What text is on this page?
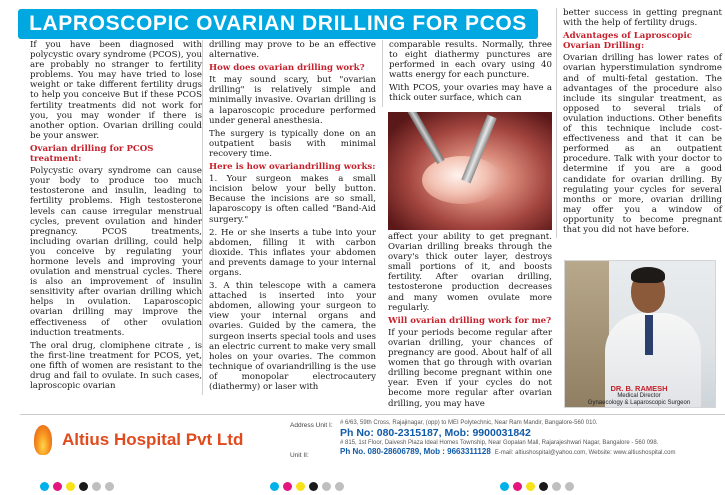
LAPROSCOPIC OVARIAN DRILLING FOR PCOS

If you have been diagnosed with polycystic ovary syndrome (PCOS), you are probably no stranger to fertility problems. You may have tried to lose weight or take different fertility drugs to help you conceive But if these PCOS fertility treatments did not work for you, you may wonder if there is another option. Ovarian drilling could be your answer.

Ovarian drilling for PCOS treatment:

Polycystic ovary syndrome can cause your body to produce too much testosterone and insulin, leading to fertility problems. High testosterone levels can cause irregular menstrual cycles, prevent ovulation and hinder pregnancy. PCOS treatments, including ovarian drilling, could help you conceive by regulating your hormone levels and improving your ovulation and menstrual cycles. There is also an improvement of insulin sensitivity after ovarian drilling which helps in ovulation. Laparoscopic ovarian drilling may improve the effectiveness of other ovulation induction treatments.

The oral drug, clomiphene citrate , is the first-line treatment for PCOS, yet, one fifth of women are resistant to the drug and fail to ovulate. In such cases, laproscopic ovarian

drilling may prove to be an effective alternative.

How does ovarian drilling work?

It may sound scary, but "ovarian drilling" is relatively simple and minimally invasive. Ovarian drilling is a laparoscopic procedure performed under general anesthesia.

The surgery is typically done on an outpatient basis with minimal recovery time.

Here is how ovariandrilling works:

1. Your surgeon makes a small incision below your belly button. Because the incisions are so small, laparoscopy is often called "Band-Aid surgery."

2. He or she inserts a tube into your abdomen, filling it with carbon dioxide. This inflates your abdomen and prevents damage to your internal organs.

3. A thin telescope with a camera attached is inserted into your abdomen, allowing your surgeon to view your internal organs and ovaries. Guided by the camera, the surgeon inserts special tools and uses an electric current to make very small holes on your ovaries. The common technique of ovariandrilling is the use of monopolar electrocautery (diathermy) or laser with

comparable results. Normally, three to eight diathermy punctures are performed in each ovary using 40 watts energy for each puncture.

With PCOS, your ovaries may have a thick outer surface, which can

affect your ability to get pregnant. Ovarian drilling breaks through the ovary's thick outer layer, destroys small portions of it, and boosts fertility. After ovarian drilling, testosterone production decreases and many women ovulate more regularly.

Will ovarian drilling work for me?

If your periods become regular after ovarian drilling, your chances of pregnancy are good. About half of all women that go through with ovarian drilling become pregnant within one year. Even if your cycles do not become more regular after ovarian drilling, you may have

better success in getting pregnant with the help of fertility drugs.

Advantages of Laproscopic Ovarian Drilling:

Ovarian drilling has lower rates of ovarian hyperstimulation syndrome and of multi-fetal gestation. The advantages of the procedure also include its singular treatment, as opposed to several trials of ovulation inductions. Other benefits of this technique include cost-effectiveness and that it can be performed as an outpatient procedure. Talk with your doctor to determine if you are a good candidate for ovarian drilling. By regulating your cycles for several months or more, ovarian drilling may offer you a window of opportunity to become pregnant that you did not have before.

DR. B. RAMESH
Medical Director
Gynaecology & Laparoscopic Surgeon
Altius Hospital Pvt Ltd
Address Unit I:
Unit II:
# 6/63, 59th Cross, Rajajinagar, (opp) to MEI Polytechnic, Near Ram Mandir, Bangalore-560 010.
Ph No: 080-2315187, Mob: 9900031842
# 815, 1st Floor, Daivesh Plaza Ideal Homes Township, Near Gopalan Mall, Rajarajeshwari Nagar, Bangalore - 560 098.
Ph No. 080-28606789, Mob : 9663311128 E-mail: altiushospital@yahoo.com, Website: www.altiushospital.com
